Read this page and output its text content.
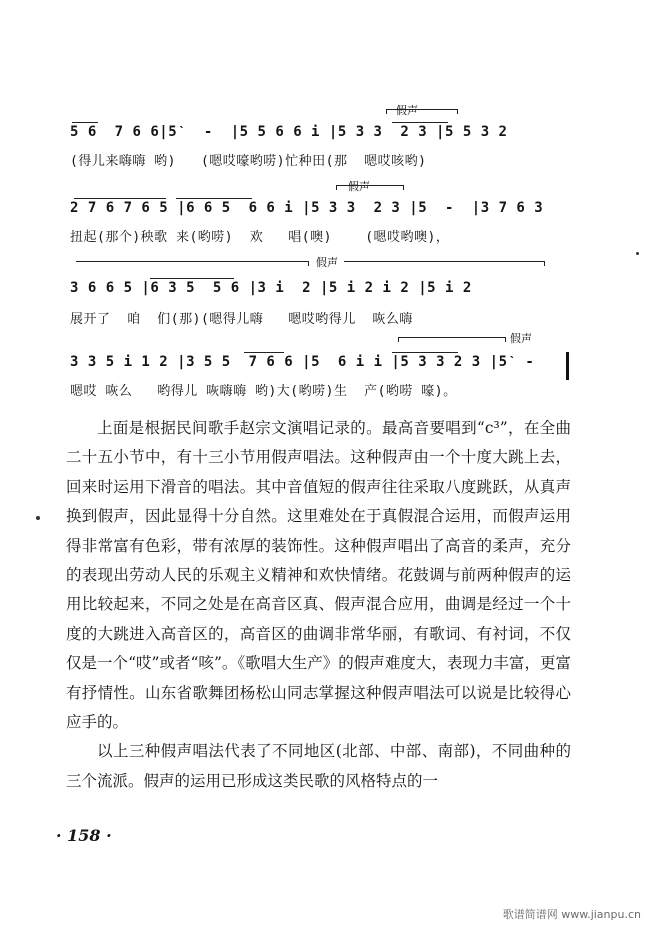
假声
5 6  7 6 6|5ˋ  -  |5 5 6 6 i |5 3 3  2 3 |5 5 3 2
(得儿来嗨嗨 哟)   (嗯哎嚎哟唠)忙种田(那  嗯哎咳哟)
假声
2 7 6 7 6 5 |6 6 5  6 6 i |5 3 3  2 3 |5  -  |3 7 6 3
扭起(那个)秧歌 来(哟唠)  欢   唱(噢)    (嗯哎哟噢)，
假声
3 6 6 5 |6 3 5  5 6 |3 i  2 |5 i 2 i 2 |5 i 2
展开了  咱  们(那)(嗯得儿嗨   嗯哎哟得儿  咴么嗨
假声
3 3 5 i 1 2 |3 5 5  7 6 6 |5  6 i i |5 3 3 2 3 |5ˋ -
嗯哎 咴么   哟得儿 咴嗨嗨 哟)大(哟唠)生  产(哟唠 嚎)。

上面是根据民间歌手赵宗文演唱记录的。最高音要唱到“c³”，在全曲二十五小节中，有十三小节用假声唱法。这种假声由一个十度大跳上去，回来时运用下滑音的唱法。其中音值短的假声往往采取八度跳跃，从真声换到假声，因此显得十分自然。这里难处在于真假混合运用，而假声运用得非常富有色彩，带有浓厚的装饰性。这种假声唱出了高音的柔声，充分的表现出劳动人民的乐观主义精神和欢快情绪。花鼓调与前两种假声的运用比较起来，不同之处是在高音区真、假声混合应用，曲调是经过一个十度的大跳进入高音区的，高音区的曲调非常华丽，有歌词、有衬词，不仅仅是一个“哎”或者“咳”。《歌唱大生产》的假声难度大，表现力丰富，更富有抒情性。山东省歌舞团杨松山同志掌握这种假声唱法可以说是比较得心应手的。

以上三种假声唱法代表了不同地区(北部、中部、南部)，不同曲种的三个流派。假声的运用已形成这类民歌的风格特点的一

· 158 ·
歌谱简谱网 www.jianpu.cn
